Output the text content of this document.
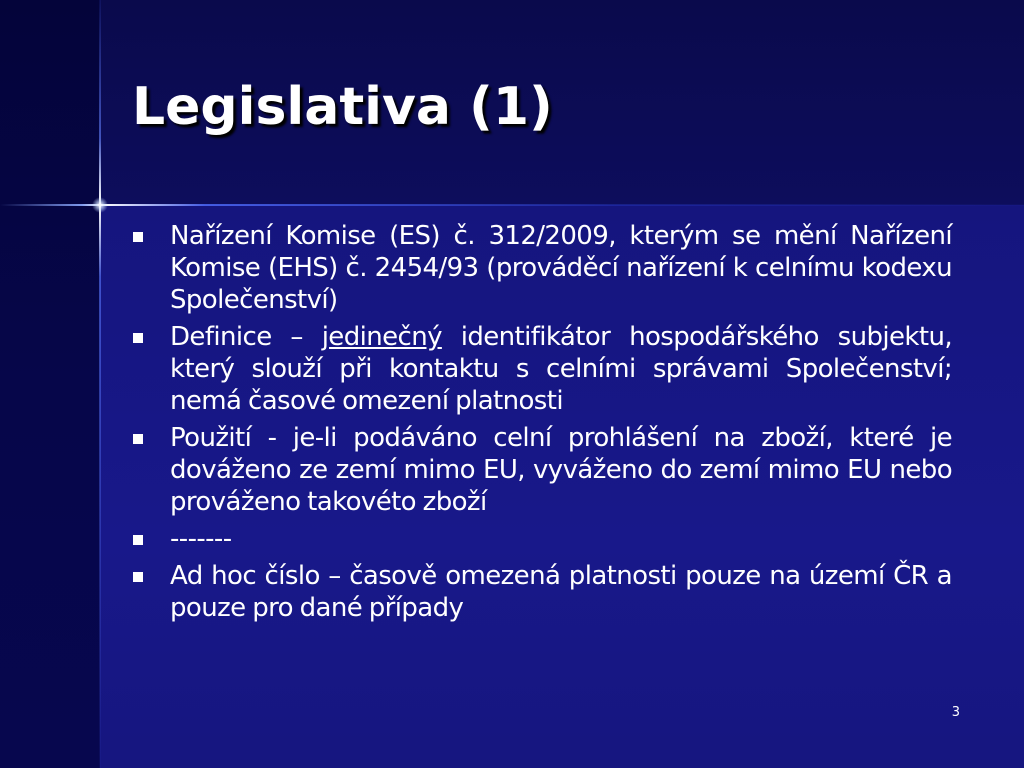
Legislativa (1)
Nařízení Komise (ES) č. 312/2009, kterým se mění Nařízení Komise (EHS) č. 2454/93 (prováděcí nařízení k celnímu kodexu Společenství)
Definice – jedinečný identifikátor hospodářského subjektu, který slouží při kontaktu s celními správami Společenství; nemá časové omezení platnosti
Použití - je-li podáváno celní prohlášení na zboží, které je dováženo ze zemí mimo EU, vyváženo do zemí mimo EU nebo prováženo takovéto zboží
-------
Ad hoc číslo – časově omezená platnosti pouze na území ČR a pouze pro dané případy
3
